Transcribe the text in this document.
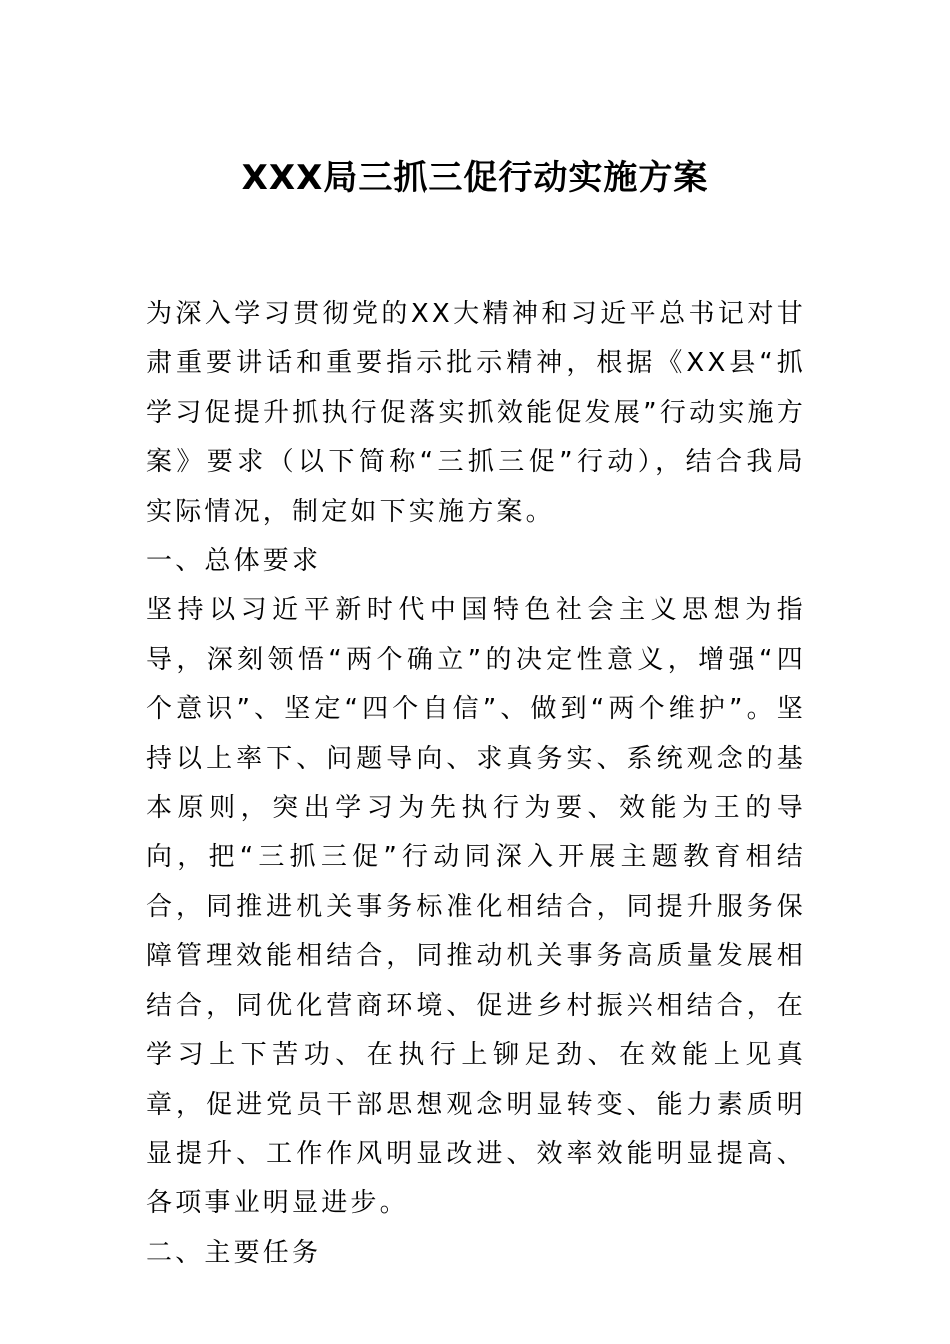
XXX局三抓三促行动实施方案

为深入学习贯彻党的XX大精神和习近平总书记对甘肃重要讲话和重要指示批示精神，根据《XX县“抓学习促提升抓执行促落实抓效能促发展”行动实施方案》要求（以下简称“三抓三促”行动），结合我局实际情况，制定如下实施方案。

一、总体要求

坚持以习近平新时代中国特色社会主义思想为指导，深刻领悟“两个确立”的决定性意义，增强“四个意识”、坚定“四个自信”、做到“两个维护”。坚持以上率下、问题导向、求真务实、系统观念的基本原则，突出学习为先执行为要、效能为王的导向，把“三抓三促”行动同深入开展主题教育相结合，同推进机关事务标准化相结合，同提升服务保障管理效能相结合，同推动机关事务高质量发展相结合，同优化营商环境、促进乡村振兴相结合，在学习上下苦功、在执行上铆足劲、在效能上见真章，促进党员干部思想观念明显转变、能力素质明显提升、工作作风明显改进、效率效能明显提高、各项事业明显进步。

二、主要任务
